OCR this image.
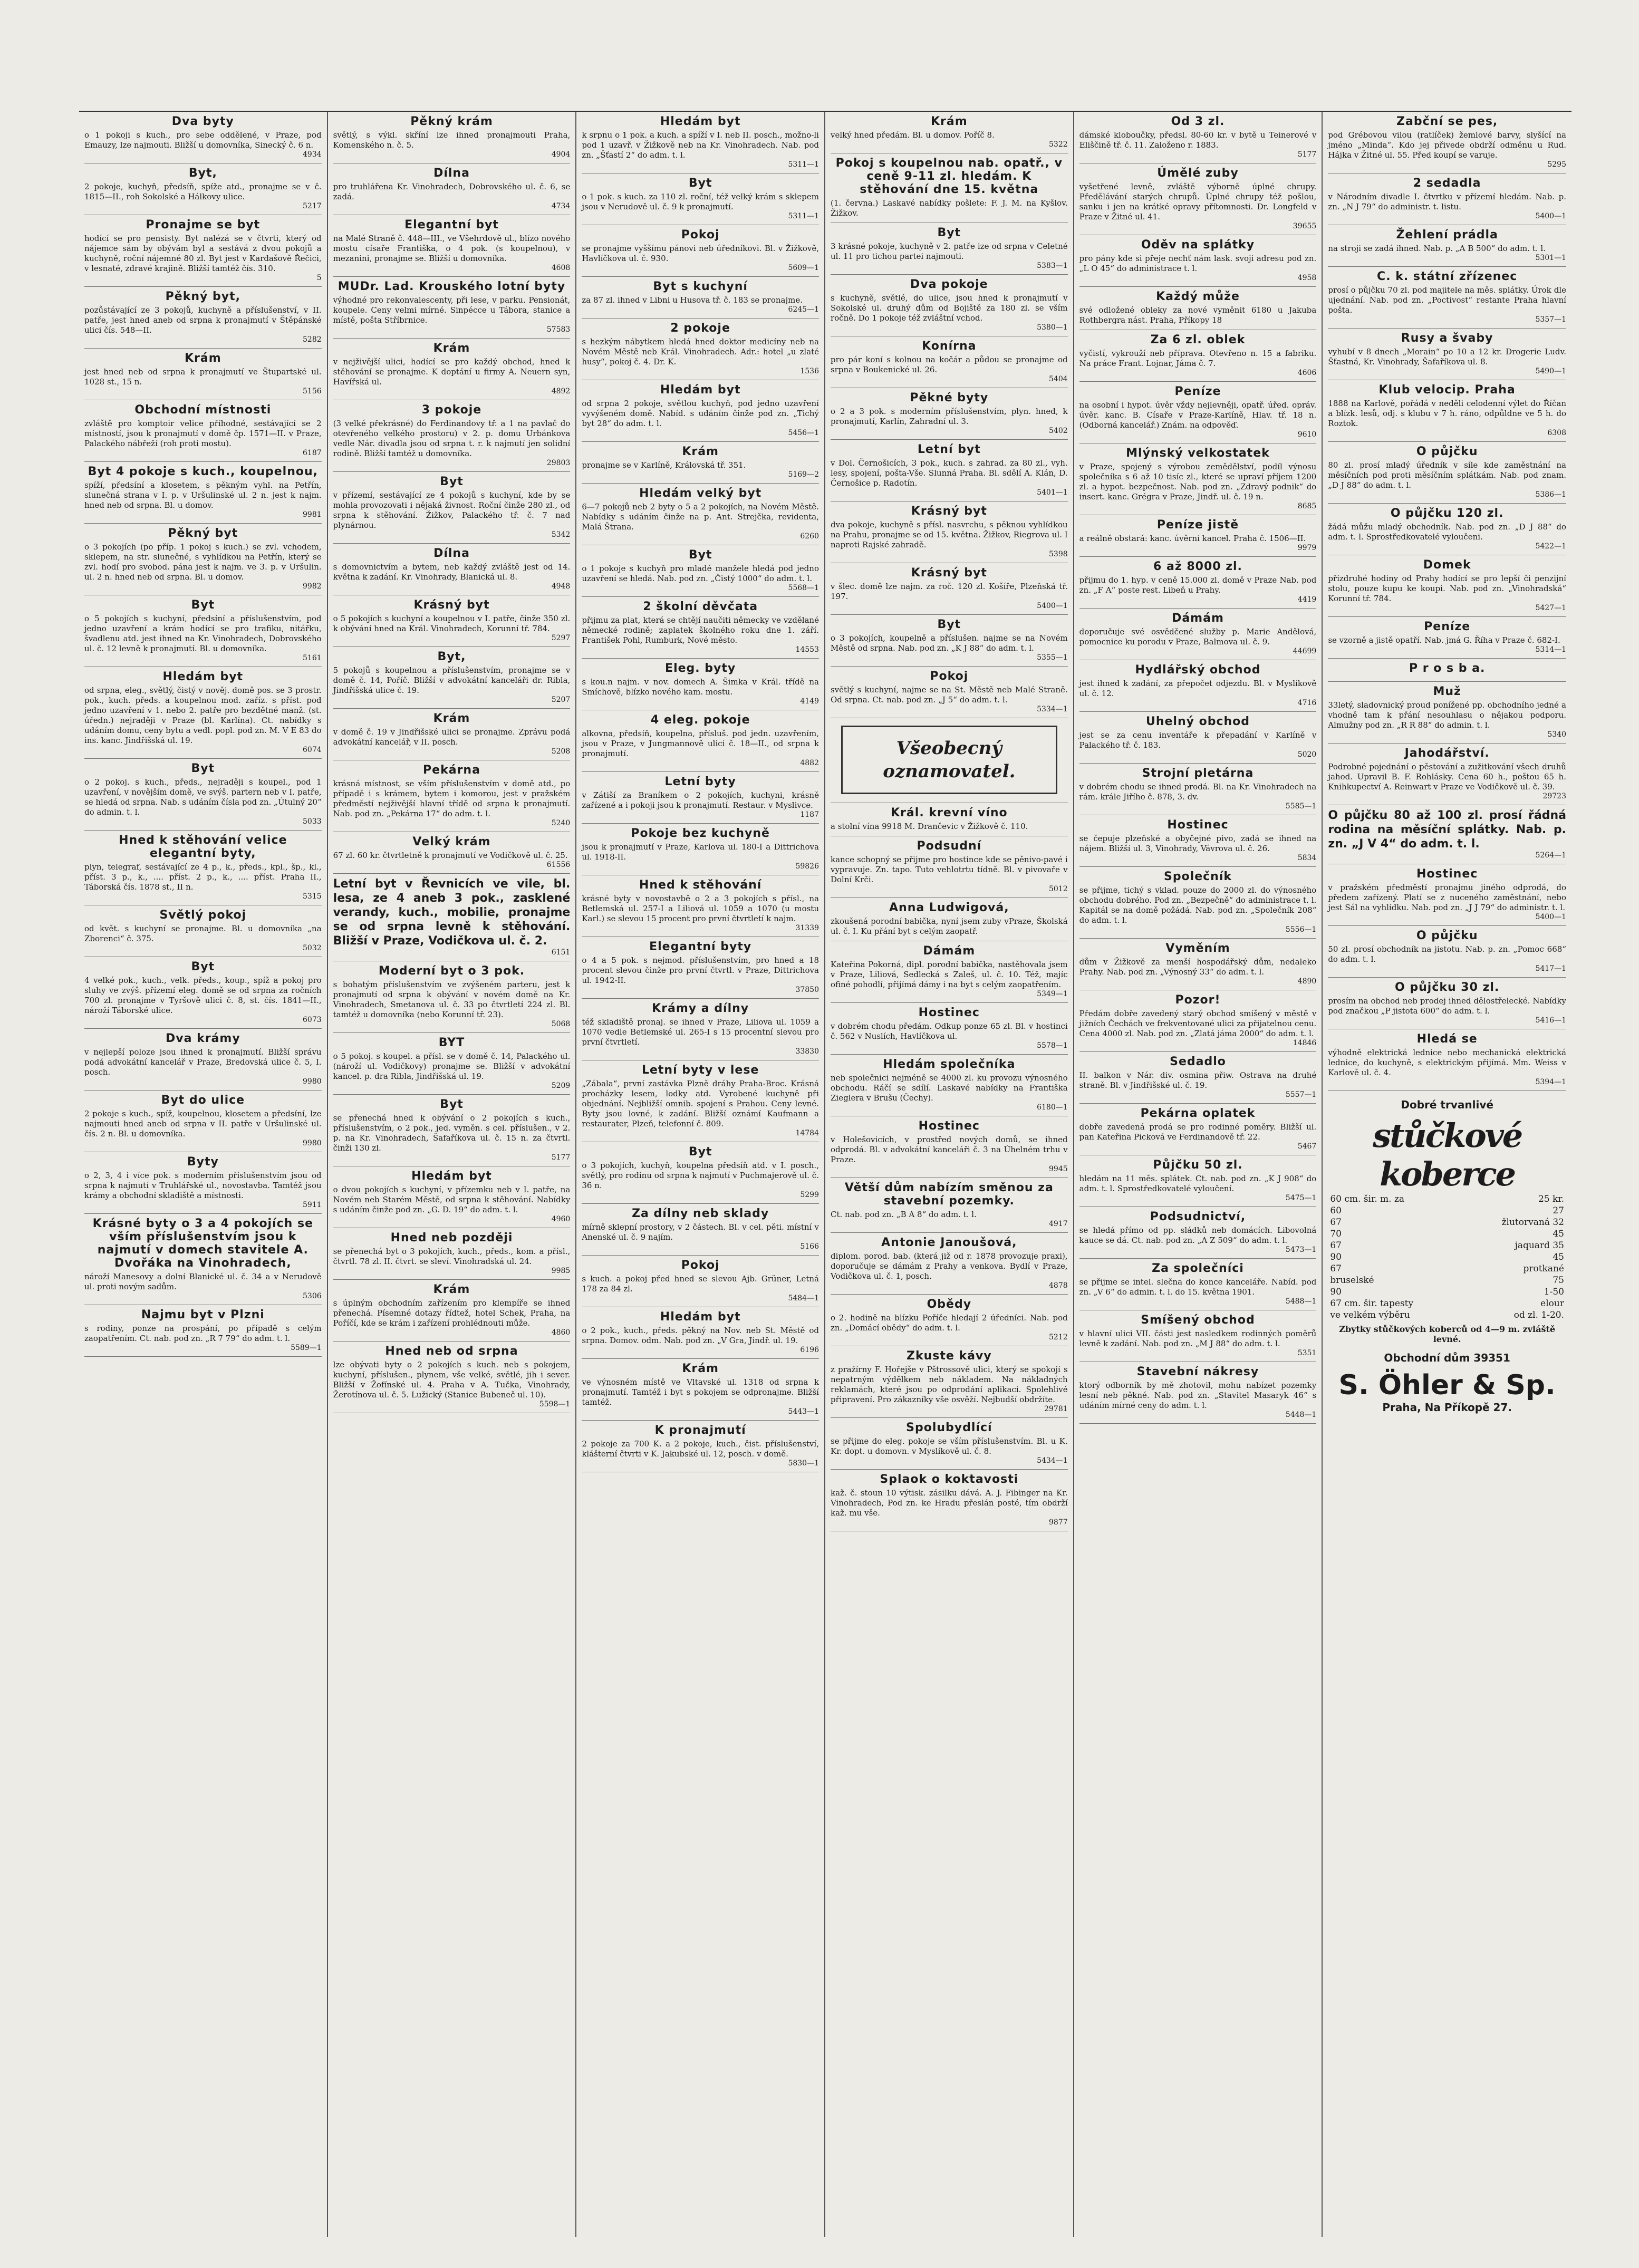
Dva byty

o 1 pokoji s kuch., pro sebe oddělené, v Praze, pod Emauzy, lze najmouti. Bližší u domovníka, Sinecký č. 6 n.

4934
Byt,

2 pokoje, kuchyň, předsíň, spíže atd., pronajme se v č. 1815—II., roh Sokolské a Hálkovy ulice.

5217
Pronajme se byt

hodící se pro pensisty. Byt nalézá se v čtvrti, který od nájemce sám by obývám byl a sestává z dvou pokojů a kuchyně, roční nájemné 80 zl. Byt jest v Kardašově Řečici, v lesnaté, zdravé krajině. Bližší tamtéž čís. 310.

5
Pěkný byt,

pozůstávající ze 3 pokojů, kuchyně a příslušenství, v II. patře, jest hned aneb od srpna k pronajmutí v Štěpánské ulici čís. 548—II.

5282
Krám

jest hned neb od srpna k pronajmutí ve Štupartské ul. 1028 st., 15 n.

5156
Obchodní místnosti

zvláště pro komptoir velice příhodné, sestávající se 2 místností, jsou k pronajmutí v domě čp. 1571—II. v Praze, Palackého nábřeží (roh proti mostu).

6187
Byt 4 pokoje s kuch., koupelnou,

spíží, předsíní a klosetem, s pěkným vyhl. na Petřín, slunečná strana v I. p. v Uršulinské ul. 2 n. jest k najm. hned neb od srpna. Bl. u domov.

9981
Pěkný byt

o 3 pokojích (po příp. 1 pokoj s kuch.) se zvl. vchodem, sklepem, na str. slunečné, s vyhlídkou na Petřín, který se zvl. hodí pro svobod. pána jest k najm. ve 3. p. v Uršulin. ul. 2 n. hned neb od srpna. Bl. u domov.

9982
Byt

o 5 pokojích s kuchyní, předsíní a příslušenstvím, pod jedno uzavření a krám hodící se pro trafiku, nitářku, švadlenu atd. jest ihned na Kr. Vinohradech, Dobrovského ul. č. 12 levně k pronajmutí. Bl. u domovníka.

5161
Hledám byt

od srpna, eleg., světlý, čistý v nověj. domě pos. se 3 prostr. pok., kuch. předs. a koupelnou mod. zaříz. s příst. pod jedno uzavření v 1. nebo 2. patře pro bezdětné manž. (st. úředn.) nejraději v Praze (bl. Karlína). Ct. nabídky s udáním domu, ceny bytu a vedl. popl. pod zn. M. V E 83 do ins. kanc. Jindřišská ul. 19.

6074
Byt

o 2 pokoj. s kuch., předs., nejraději s koupel., pod 1 uzavření, v novějším domě, ve svýš. partern neb v I. patře, se hledá od srpna. Nab. s udáním čísla pod zn. „Útulný 20“ do admin. t. l.

5033
Hned k stěhování velice elegantní byty,

plyn, telegraf, sestávající ze 4 p., k., předs., kpl., šp., kl., příst. 3 p., k., .... příst. 2 p., k., .... příst. Praha II., Táborská čís. 1878 st., II n.

5315
Světlý pokoj

od květ. s kuchyní se pronajme. Bl. u domovníka „na Zborenci“ č. 375.

5032
Byt

4 velké pok., kuch., velk. předs., koup., spíž a pokoj pro sluhy ve zvýš. přízemí eleg. domě se od srpna za ročních 700 zl. pronajme v Tyršově ulici č. 8, st. čís. 1841—II., nároží Táborské ulice.

6073
Dva krámy

v nejlepší poloze jsou ihned k pronajmutí. Bližší správu podá advokátní kancelář v Praze, Bredovská ulice č. 5, I. posch.

9980
Byt do ulice

2 pokoje s kuch., spíž, koupelnou, klosetem a předsíní, lze najmouti hned aneb od srpna v II. patře v Uršulinské ul. čís. 2 n. Bl. u domovníka.

9980
Byty

o 2, 3, 4 i více pok. s moderním příslušenstvím jsou od srpna k najmutí v Truhlářské ul., novostavba. Tamtéž jsou krámy a obchodní skladiště a místnosti.

5911
Krásné byty o 3 a 4 pokojích se vším příslušenstvím jsou k najmutí v domech stavitele A. Dvořáka na Vinohradech,

nároží Manesovy a dolní Blanické ul. č. 34 a v Nerudově ul. proti novým sadům.

5306
Najmu byt v Plzni

s rodiny, ponze na prospání, po případě s celým zaopatřením. Ct. nab. pod zn. „R 7 79“ do adm. t. l.

5589—1
Pěkný krám

světlý, s výkl. skříní lze ihned pronajmouti Praha, Komenského n. č. 5.

4904
Dílna

pro truhlářena Kr. Vinohradech, Dobrovského ul. č. 6, se zadá.

4734
Elegantní byt

na Malé Straně č. 448—III., ve Všehrdově ul., blízo nového mostu císaře Františka, o 4 pok. (s koupelnou), v mezanini, pronajme se. Bližší u domovníka.

4608
MUDr. Lad. Krouského lotní byty

výhodné pro rekonvalescenty, při lese, v parku. Pensionát, koupele. Ceny velmi mírné. Sinpécce u Tábora, stanice a místě, pošta Stříbrnice.

57583
Krám

v nejživější ulici, hodící se pro každý obchod, hned k stěhování se pronajme. K doptání u firmy A. Neuern syn, Havířská ul.

4892
3 pokoje

(3 velké překrásné) do Ferdinandovy tř. a 1 na pavlač do otevřeného velkého prostoru) v 2. p. domu Urbánkova vedle Nár. divadla jsou od srpna t. r. k najmutí jen solidní rodině. Bližší tamtéž u domovníka.

29803
Byt

v přízemí, sestávající ze 4 pokojů s kuchyní, kde by se mohla provozovati i nějaká živnost. Roční činže 280 zl., od srpna k stěhování. Žižkov, Palackého tř. č. 7 nad plynárnou.

5342
Dílna

s domovnictvím a bytem, neb každý zvláště jest od 14. května k zadání. Kr. Vinohrady, Blanická ul. 8.

4948
Krásný byt

o 5 pokojích s kuchyní a koupelnou v I. patře, činže 350 zl. k obývání hned na Král. Vinohradech, Korunní tř. 784.

5297
Byt,

5 pokojů s koupelnou a příslušenstvím, pronajme se v domě č. 14, Poříč. Bližší v advokátní kanceláři dr. Ribla, Jindřišská ulice č. 19.

5207
Krám

v domě č. 19 v Jindřišské ulici se pronajme. Zprávu podá advokátní kancelář, v II. posch.

5208
Pekárna

krásná místnost, se vším příslušenstvím v domě atd., po případě i s krámem, bytem i komorou, jest v pražském předměstí nejživější hlavní třídě od srpna k pronajmutí. Nab. pod zn. „Pekárna 17“ do adm. t. l.

5240
Velký krám

67 zl. 60 kr. čtvrtletně k pronajmutí ve Vodičkově ul. č. 25.

61556

Letní byt v Řevnicích ve vile, bl. lesa, ze 4 aneb 3 pok., zasklené verandy, kuch., mobilie, pronajme se od srpna levně k stěhování. Bližší v Praze, Vodičkova ul. č. 2.

6151
Moderní byt o 3 pok.

s bohatým příslušenstvím ve zvýšeném parteru, jest k pronajmutí od srpna k obývání v novém domě na Kr. Vinohradech, Smetanova ul. č. 33 po čtvrtletí 224 zl. Bl. tamtéž u domovníka (nebo Korunní tř. 23).

5068
BYT

o 5 pokoj. s koupel. a přísl. se v domě č. 14, Palackého ul. (nároží ul. Vodičkovy) pronajme se. Bližší v advokátní kancel. p. dra Ribla, Jindřišská ul. 19.

5209
Byt

se přenechá hned k obývání o 2 pokojích s kuch., příslušenstvím, o 2 pok., jed. vyměn. s cel. příslušen., v 2. p. na Kr. Vinohradech, Šafaříkova ul. č. 15 n. za čtvrtl. činži 130 zl.

5177
Hledám byt

o dvou pokojích s kuchyní, v přízemku neb v I. patře, na Novém neb Starém Městě, od srpna k stěhování. Nabídky s udáním činže pod zn. „G. D. 19“ do adm. t. l.

4960
Hned neb později

se přenechá byt o 3 pokojích, kuch., předs., kom. a přísl., čtvrtl. 78 zl. II. čtvrt. se sleví. Vinohradská ul. 24.

9985
Krám

s úplným obchodním zařízením pro klempíře se ihned přenechá. Písemné dotazy řídtež, hotel Schek, Praha, na Poříčí, kde se krám i zařízení prohlédnouti může.

4860
Hned neb od srpna

lze obývati byty o 2 pokojích s kuch. neb s pokojem, kuchyní, příslušen., plynem, vše velké, světlé, jih i sever. Bližší v Žofínské ul. 4. Praha v A. Tučka, Vinohrady, Žerotínova ul. č. 5. Lužický (Stanice Bubeneč ul. 10).

5598—1
Hledám byt

k srpnu o 1 pok. a kuch. a spíží v I. neb II. posch., možno-li pod 1 uzavř. v Žižkově neb na Kr. Vinohradech. Nab. pod zn. „Šťastí 2“ do adm. t. l.

5311—1
Byt

o 1 pok. s kuch. za 110 zl. roční, též velký krám s sklepem jsou v Nerudově ul. č. 9 k pronajmutí.

5311—1
Pokoj

se pronajme vyššímu pánovi neb úředníkovi. Bl. v Žižkově, Havlíčkova ul. č. 930.

5609—1
Byt s kuchyní

za 87 zl. ihned v Libni u Husova tř. č. 183 se pronajme.

6245—1
2 pokoje

s hezkým nábytkem hledá hned doktor medicíny neb na Novém Městě neb Král. Vinohradech. Adr.: hotel „u zlaté husy“, pokoj č. 4. Dr. K.

1536
Hledám byt

od srpna 2 pokoje, světlou kuchyň, pod jedno uzavření vyvýšeném domě. Nabíd. s udáním činže pod zn. „Tichý byt 28“ do adm. t. l.

5456—1
Krám

pronajme se v Karlíně, Královská tř. 351.

5169—2
Hledám velký byt

6—7 pokojů neb 2 byty o 5 a 2 pokojích, na Novém Městě. Nabídky s udáním činže na p. Ant. Strejčka, revidenta, Malá Štrana.

6260
Byt

o 1 pokoje s kuchyň pro mladé manžele hledá pod jedno uzavření se hledá. Nab. pod zn. „Čistý 1000“ do adm. t. l.

5568—1
2 školní děvčata

přijmu za plat, která se chtějí naučiti německy ve vzdělané německé rodině; zaplatek školného roku dne 1. září. František Pohl, Rumburk, Nové město.

14553
Eleg. byty

s kou.n najm. v nov. domech A. Šimka v Král. třídě na Smíchově, blízko nového kam. mostu.

4149
4 eleg. pokoje

alkovna, předsíň, koupelna, přísluš. pod jedn. uzavřením, jsou v Praze, v Jungmannově ulici č. 18—II., od srpna k pronajmutí.

4882
Letní byty

v Zátiší za Braníkem o 2 pokojích, kuchyni, krásně zařízené a i pokoji jsou k pronajmutí. Restaur. v Myslivce.

1187
Pokoje bez kuchyně

jsou k pronajmutí v Praze, Karlova ul. 180-I a Dittrichova ul. 1918-II.

59826
Hned k stěhování

krásné byty v novostavbě o 2 a 3 pokojích s přísl., na Betlemská ul. 257-I a Liliová ul. 1059 a 1070 (u mostu Karl.) se slevou 15 procent pro první čtvrtletí k najm.

31339
Elegantní byty

o 4 a 5 pok. s nejmod. příslušenstvím, pro hned a 18 procent slevou činže pro první čtvrtl. v Praze, Dittrichova ul. 1942-II.

37850
Krámy a dílny

též skladiště pronaj. se ihned v Praze, Liliova ul. 1059 a 1070 vedle Betlemské ul. 265-I s 15 procentní slevou pro první čtvrtletí.

33830
Letní byty v lese

„Zábala“, první zastávka Plzně dráhy Praha-Broc. Krásná procházky lesem, lodky atd. Vyrobené kuchyně při objednání. Nejbližší omnib. spojení s Prahou. Ceny levné. Byty jsou lovné, k zadání. Bližší oznámí Kaufmann a restaurater, Plzeň, telefonní č. 809.

14784
Byt

o 3 pokojích, kuchyň, koupelna předsíň atd. v I. posch., světlý, pro rodinu od srpna k najmutí v Puchmajerově ul. č. 36 n.

5299
Za dílny neb sklady

mírně sklepní prostory, v 2 částech. Bl. v cel. pěti. místní v Anenské ul. č. 9 najím.

5166
Pokoj

s kuch. a pokoj před hned se slevou Ajb. Grüner, Letná 178 za 84 zl.

5484—1
Hledám byt

o 2 pok., kuch., předs. pěkný na Nov. neb St. Městě od srpna. Domov. odm. Nab. pod zn. „V Gra, Jindř. ul. 19.

6196
Krám

ve výnosném místě ve Vltavské ul. 1318 od srpna k pronajmutí. Tamtéž i byt s pokojem se odpronajme. Bližší tamtéž.

5443—1
K pronajmutí

2 pokoje za 700 K. a 2 pokoje, kuch., čist. příslušenství, klášterní čtvrti v K. Jakubské ul. 12, posch. v domě.

5830—1
Krám

velký hned předám. Bl. u domov. Poříč 8.

5322
Pokoj s koupelnou nab. opatř., v ceně 9-11 zl. hledám. K stěhování dne 15. května

(1. června.) Laskavé nabídky pošlete: F. J. M. na Kyšlov. Žižkov.

Byt

3 krásné pokoje, kuchyně v 2. patře ize od srpna v Celetné ul. 11 pro tichou partei najmouti.

5383—1
Dva pokoje

s kuchyně, světlé, do ulice, jsou hned k pronajmutí v Sokolské ul. druhý dům od Bojiště za 180 zl. se vším ročně. Do 1 pokoje též zvláštní vchod.

5380—1
Konírna

pro pár koní s kolnou na kočár a půdou se pronajme od srpna v Boukenické ul. 26.

5404
Pěkné byty

o 2 a 3 pok. s moderním příslušenstvím, plyn. hned, k pronajmutí, Karlín, Zahradní ul. 3.

5402
Letní byt

v Dol. Černošicích, 3 pok., kuch. s zahrad. za 80 zl., vyh. lesy, spojení, pošta-Vše. Slunná Praha. Bl. sdělí A. Klán, D. Černošice p. Radotín.

5401—1
Krásný byt

dva pokoje, kuchyně s přísl. nasvrchu, s pěknou vyhlídkou na Prahu, pronajme se od 15. května. Žižkov, Riegrova ul. I naproti Rajské zahradě.

5398
Krásný byt

v šlec. domě lze najm. za roč. 120 zl. Košíře, Plzeňská tř. 197.

5400—1
Byt

o 3 pokojích, koupelně a příslušen. najme se na Novém Městě od srpna. Nab. pod zn. „K J 88“ do adm. t. l.

5355—1
Pokoj

světlý s kuchyní, najme se na St. Městě neb Malé Straně. Od srpna. Ct. nab. pod zn. „J 5“ do adm. t. l.

5334—1
Všeobecný oznamovatel.
Král. krevní víno

a stolní vína 9918 M. Drančevic v Žižkově č. 110.

Podsudní

kance schopný se přijme pro hostince kde se pěnivo-pavé i vypravuje. Zn. tapo. Tuto vehlotrtu tídně. Bl. v pivovaře v Dolní Krči.

5012
Anna Ludwigová,

zkoušená porodní babička, nyní jsem zuby vPraze, Školská ul. č. I. Ku přání byt s celým zaopatř.

Dámám

Kateřina Pokorná, dipl. porodní babička, nastěhovala jsem v Praze, Liliová, Sedlecká s Zaleš, ul. č. 10. Též, majíc ofiné pohodlí, přijímá dámy i na byt s celým zaopatřením.

5349—1
Hostinec

v dobrém chodu předám. Odkup ponze 65 zl. Bl. v hostinci č. 562 v Nuslích, Havlíčkova ul.

5578—1
Hledám společníka

neb společnici nejméně se 4000 zl. ku provozu výnosného obchodu. Ráčí se sdílí. Laskavé nabídky na Františka Zieglera v Brušu (Čechy).

6180—1
Hostinec

v Holešovicích, v prostřed nových domů, se ihned odprodá. Bl. v advokátní kanceláři č. 3 na Úhelném trhu v Praze.

9945
Větší dům nabízím směnou za stavební pozemky.

Ct. nab. pod zn. „B A 8“ do adm. t. l.

4917
Antonie Janoušová,

diplom. porod. bab. (která již od r. 1878 provozuje praxi), doporučuje se dámám z Prahy a venkova. Bydlí v Praze, Vodičkova ul. č. 1, posch.

4878
Obědy

o 2. hodině na blízku Poříče hledají 2 úředníci. Nab. pod zn. „Domácí obědy“ do adm. t. l.

5212
Zkuste kávy

z pražírny F. Hořejše v Pštrossově ulici, který se spokojí s nepatrným výdělkem neb nákladem. Na nákladných reklamách, které jsou po odprodání aplikaci. Spolehlivé připravení. Pro zákazníky vše osvěží. Nejbudší obdržíte.

29781
Spolubydlící

se přijme do eleg. pokoje se vším příslušenstvím. Bl. u K. Kr. dopt. u domovn. v Myslíkově ul. č. 8.

5434—1
Splaok o koktavosti

kaž. č. stoun 10 výtisk. zásilku dává. A. J. Fibinger na Kr. Vinohradech, Pod zn. ke Hradu přeslán posté, tím obdrží kaž. mu vše.

9877
Od 3 zl.

dámské kloboučky, předsl. 80-60 kr. v bytě u Teinerové v Eliščině tř. č. 11. Založeno r. 1883.

5177
Úmělé zuby

vyšetřené levně, zvláště výborně úplné chrupy. Předělávání starých chrupů. Úplné chrupy též pošlou, sanku i jen na krátké opravy přítomnosti. Dr. Longfeld v Praze v Žitné ul. 41.

39655
Oděv na splátky

pro pány kde si přeje nechť nám lask. svoji adresu pod zn. „L O 45“ do administrace t. l.

4958
Každý může

své odložené obleky za nové vyměnit 6180 u Jakuba Rothbergra nást. Praha, Příkopy 18

Za 6 zl. oblek

vyčistí, vykrouží neb příprava. Otevřeno n. 15 a fabriku. Na práce Frant. Lojnar, Jáma č. 7.

4606
Peníze

na osobní i hypot. úvěr vždy nejlevněji, opatř. úřed. opráv. úvěr. kanc. B. Císaře v Praze-Karlíně, Hlav. tř. 18 n. (Odborná kancelář.) Znám. na odpověď.

9610
Mlýnský velkostatek

v Praze, spojený s výrobou zemědělství, podíl výnosu společníka s 6 až 10 tisíc zl., které se upraví příjem 1200 zl. a hypot. bezpečnost. Nab. pod zn. „Zdravý podnik“ do insert. kanc. Grégra v Praze, Jindř. ul. č. 19 n.

8685
Peníze jistě

a reálně obstará: kanc. úvěrní kancel. Praha č. 1506—II.

9979
6 až 8000 zl.

přijmu do 1. hyp. v ceně 15.000 zl. domě v Praze Nab. pod zn. „F A“ poste rest. Libeň u Prahy.

4419
Dámám

doporučuje své osvědčené služby p. Marie Andělová, pomocnice ku porodu v Praze, Balmova ul. č. 9.

44699
Hydlářský obchod

jest ihned k zadání, za přepočet odjezdu. Bl. v Myslíkově ul. č. 12.

4716
Uhelný obchod

jest se za cenu inventáře k přepadání v Karlíně v Palackého tř. č. 183.

5020
Strojní pletárna

v dobrém chodu se ihned prodá. Bl. na Kr. Vinohradech na rám. krále Jiřího č. 878, 3. dv.

5585—1
Hostinec

se čepuje plzeňské a obyčejné pivo, zadá se ihned na nájem. Bližší ul. 3, Vinohrady, Vávrova ul. č. 26.

5834
Společník

se přijme, tichý s vklad. pouze do 2000 zl. do výnosného obchodu dobrého. Pod zn. „Bezpečně“ do administrace t. l. Kapitál se na domě požádá. Nab. pod zn. „Společník 208“ do adm. t. l.

5556—1
Vyměním

dům v Žižkově za menší hospodářský dům, nedaleko Prahy. Nab. pod zn. „Výnosný 33“ do adm. t. l.

4890
Pozor!

Předám dobře zavedený starý obchod smíšený v městě v jižních Čechách ve frekventované ulici za přijatelnou cenu. Cena 4000 zl. Nab. pod zn. „Zlatá jáma 2000“ do adm. t. l.

14846
Sedadlo

II. balkon v Nár. div. osmina přiw. Ostrava na druhé straně. Bl. v Jindřišské ul. č. 19.

5557—1
Pekárna oplatek

dobře zavedená prodá se pro rodinné poměry. Bližší ul. pan Kateřina Picková ve Ferdinandově tř. 22.

5467
Půjčku 50 zl.

hledám na 11 měs. splátek. Ct. nab. pod zn. „K J 908“ do adm. t. l. Sprostředkovatelé vyloučení.

5475—1
Podsudnictví,

se hledá přímo od pp. sládků neb domácích. Libovolná kauce se dá. Ct. nab. pod zn. „A Z 509“ do adm. t. l.

5473—1
Za společníci

se přijme se intel. slečna do konce kanceláře. Nabíd. pod zn. „V 6“ do admin. t. l. do 15. května 1901.

5488—1
Smíšený obchod

v hlavní ulici VII. části jest nasledkem rodinných poměrů levně k zadání. Nab. pod zn. „M J 88“ do adm. t. l.

5351
Stavební nákresy

ktorý odborník by mě zhotovil, mohu nabízet pozemky lesní neb pěkné. Nab. pod zn. „Stavitel Masaryk 46“ s udáním mírné ceny do adm. t. l.

5448—1
Zabční se pes,

pod Grébovou vilou (ratlíček) žemlové barvy, slyšící na jméno „Minda“. Kdo jej přivede obdrží odměnu u Rud. Hájka v Žitné ul. 55. Před koupí se varuje.

5295
2 sedadla

v Národním divadle I. čtvrtku v přízemí hledám. Nab. p. zn. „N J 79“ do administr. t. listu.

5400—1
Žehlení prádla

na stroji se zadá ihned. Nab. p. „A B 500“ do adm. t. l.

5301—1
C. k. státní zřízenec

prosí o půjčku 70 zl. pod majitele na měs. splátky. Úrok dle ujednání. Nab. pod zn. „Poctivost“ restante Praha hlavní pošta.

5357—1
Rusy a švaby

vyhubí v 8 dnech „Morain“ po 10 a 12 kr. Drogerie Ludv. Šťastná, Kr. Vinohrady, Šafaříkova ul. 8.

5490—1
Klub velocip. Praha

1888 na Karlově, pořádá v neděli celodenní výlet do Říčan a blízk. lesů, odj. s klubu v 7 h. ráno, odpůldne ve 5 h. do Roztok.

6308
O půjčku

80 zl. prosí mladý úředník v síle kde zaměstnání na měsíčních pod proti měsíčním splátkám. Nab. pod znam. „D J 88“ do adm. t. l.

5386—1
O půjčku 120 zl.

žádá můžu mladý obchodník. Nab. pod zn. „D J 88“ do adm. t. l. Sprostředkovatelé vyloučeni.

5422—1
Domek

přízdruhé hodiny od Prahy hodící se pro lepší či penzijní stolu, pouze kupu ke koupi. Nab. pod zn. „Vinohradská“ Korunní tř. 784.

5427—1
Peníze

se vzorně a jistě opatří. Nab. jmá G. Říha v Praze č. 682-I.

5314—1
P r o s b a.
Muž

33letý, sladovnický proud ponížené pp. obchodního jedné a vhodně tam k přání nesouhlasu o nějakou podporu. Almužny pod zn. „R R 88“ do admin. t. l.

5340
Jahodářství.

Podrobné pojednání o pěstování a zužitkování všech druhů jahod. Upravil B. F. Rohlásky. Cena 60 h., poštou 65 h. Knihkupectví A. Reinwart v Praze ve Vodičkově ul. č. 39.

29723

O půjčku 80 až 100 zl. prosí řádná rodina na měsíční splátky. Nab. p. zn. „J V 4“ do adm. t. l.

5264—1
Hostinec

v pražském předměstí pronajmu jiného odprodá, do předem zařízený. Platí se z nuceného zaměstnání, nebo jest Sál na vyhlídku. Nab. pod zn. „J J 79“ do administr. t. l.

5400—1
O půjčku

50 zl. prosí obchodník na jistotu. Nab. p. zn. „Pomoc 668“ do adm. t. l.

5417—1
O půjčku 30 zl.

prosím na obchod neb prodej ihned dělostřelecké. Nabídky pod značkou „P jistota 600“ do adm. t. l.

5416—1
Hledá se

výhodně elektrická lednice nebo mechanická elektrická lednice, do kuchyně, s elektrickým přijímá. Mm. Weiss v Karlově ul. č. 4.

5394—1
Dobré trvanlivé
stůčkové koberce
60 cm. šir. m. za	25 kr.
60	27
67	žlutorvaná 32
70	45
67	jaquard 35
90	45
67	protkané
bruselské	75
90	1-50
67 cm. šir. tapesty	elour
ve velkém výběru	od zl. 1-20.

Zbytky stůčkových koberců od 4—9 m. zvláště levné.

Obchodní dům 39351
S. Öhler & Sp.
Praha, Na Příkopě 27.
